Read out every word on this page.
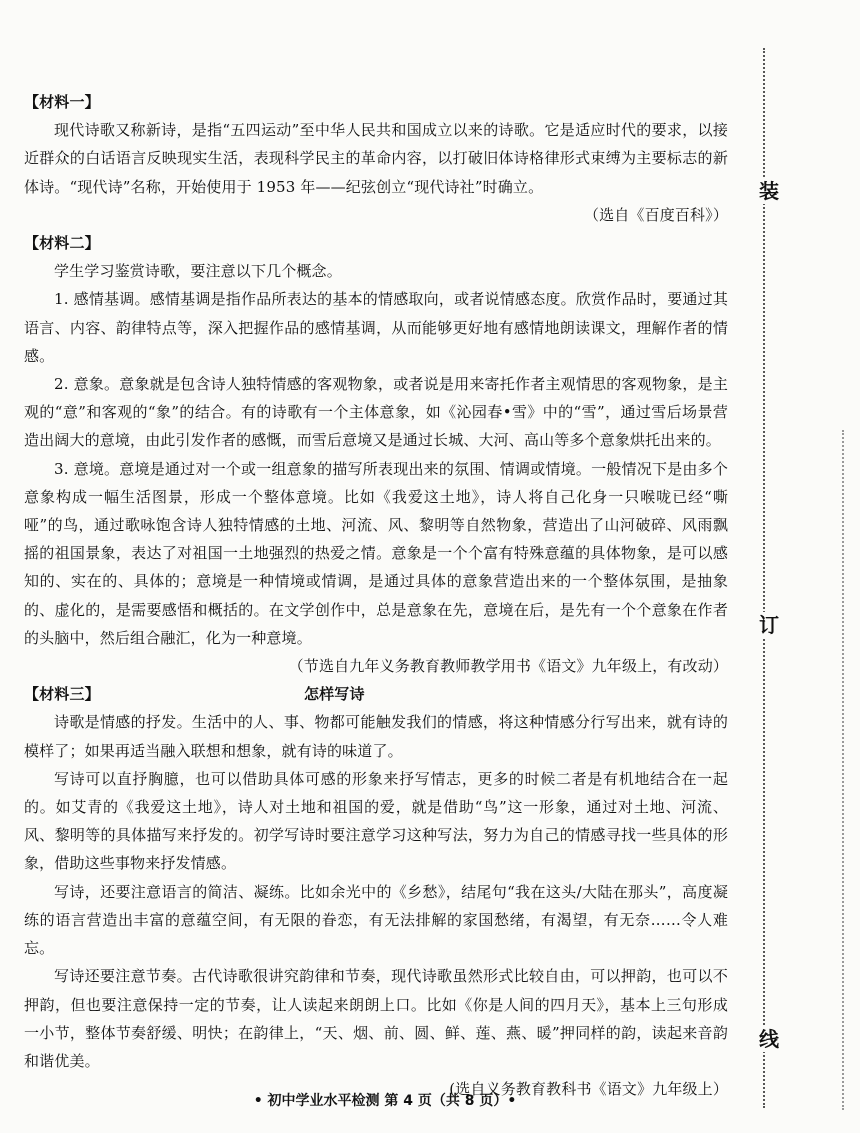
【材料一】

现代诗歌又称新诗，是指“五四运动”至中华人民共和国成立以来的诗歌。它是适应时代的要求，以接近群众的白话语言反映现实生活，表现科学民主的革命内容，以打破旧体诗格律形式束缚为主要标志的新体诗。“现代诗”名称，开始使用于 1953 年——纪弦创立“现代诗社”时确立。

（选自《百度百科》）

【材料二】

学生学习鉴赏诗歌，要注意以下几个概念。

1. 感情基调。感情基调是指作品所表达的基本的情感取向，或者说情感态度。欣赏作品时，要通过其语言、内容、韵律特点等，深入把握作品的感情基调，从而能够更好地有感情地朗读课文，理解作者的情感。

2. 意象。意象就是包含诗人独特情感的客观物象，或者说是用来寄托作者主观情思的客观物象，是主观的“意”和客观的“象”的结合。有的诗歌有一个主体意象，如《沁园春•雪》中的“雪”，通过雪后场景营造出阔大的意境，由此引发作者的感慨，而雪后意境又是通过长城、大河、高山等多个意象烘托出来的。

3. 意境。意境是通过对一个或一组意象的描写所表现出来的氛围、情调或情境。一般情况下是由多个意象构成一幅生活图景，形成一个整体意境。比如《我爱这土地》，诗人将自己化身一只喉咙已经“嘶哑”的鸟，通过歌咏饱含诗人独特情感的土地、河流、风、黎明等自然物象，营造出了山河破碎、风雨飘摇的祖国景象，表达了对祖国一土地强烈的热爱之情。意象是一个个富有特殊意蕴的具体物象，是可以感知的、实在的、具体的；意境是一种情境或情调，是通过具体的意象营造出来的一个整体氛围，是抽象的、虚化的，是需要感悟和概括的。在文学创作中，总是意象在先，意境在后，是先有一个个意象在作者的头脑中，然后组合融汇，化为一种意境。

（节选自九年义务教育教师教学用书《语文》九年级上，有改动）

【材料三】	怎样写诗

诗歌是情感的抒发。生活中的人、事、物都可能触发我们的情感，将这种情感分行写出来，就有诗的模样了；如果再适当融入联想和想象，就有诗的味道了。

写诗可以直抒胸臆，也可以借助具体可感的形象来抒写情志，更多的时候二者是有机地结合在一起的。如艾青的《我爱这土地》，诗人对土地和祖国的爱，就是借助“鸟”这一形象，通过对土地、河流、风、黎明等的具体描写来抒发的。初学写诗时要注意学习这种写法，努力为自己的情感寻找一些具体的形象，借助这些事物来抒发情感。

写诗，还要注意语言的简洁、凝练。比如余光中的《乡愁》，结尾句“我在这头/大陆在那头”，高度凝练的语言营造出丰富的意蕴空间，有无限的眷恋，有无法排解的家国愁绪，有渴望，有无奈……令人难忘。

写诗还要注意节奏。古代诗歌很讲究韵律和节奏，现代诗歌虽然形式比较自由，可以押韵，也可以不押韵，但也要注意保持一定的节奏，让人读起来朗朗上口。比如《你是人间的四月天》，基本上三句形成一小节，整体节奏舒缓、明快；在韵律上，“天、烟、前、圆、鲜、莲、燕、暖”押同样的韵，读起来音韵和谐优美。

(选自义务教育教科书《语文》九年级上）

• 初中学业水平检测 第 4 页（共 8 页）•
装
订
线
